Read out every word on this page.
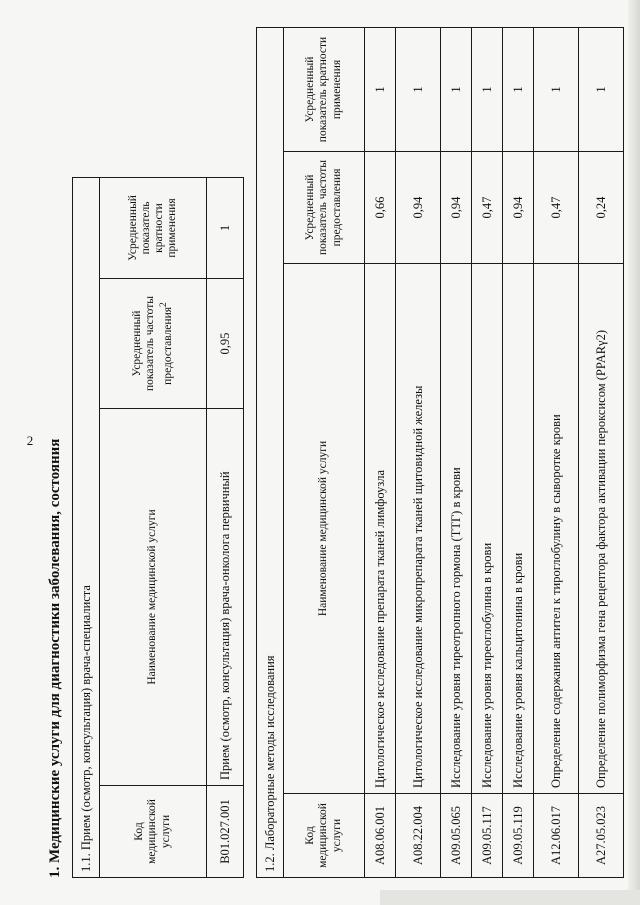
2 1. Медицинские услуги для диагностики заболевания, состояния	1.1. Прием (осмотр, консультация) врача-специалиста			
Код медицинской услуги	Наименование медицинской услуги	Усредненный показатель частоты предоставления$^2$	Усредненный показатель кратности применения
B01.027.001	Прием (осмотр, консультация) врача-онколога первичный	0,95	1
1.2. Лабораторные методы исследования			
Код медицинской услуги	Наименование медицинской услуги	Усредненный показатель частоты предоставления	Усредненный показатель кратности применения
A08.06.001	Цитологическое исследование препарата тканей лимфоузла	0,66	1
A08.22.004	Цитологическое исследование микропрепарата тканей щитовидной железы	0,94	1
A09.05.065	Исследование уровня тиреотропного гормона (ТТГ) в крови	0,94	1
A09.05.117	Исследование уровня тиреоглобулина в крови	0,47	1
A09.05.119	Исследование уровня кальцитонина в крови	0,94	1
A12.06.017	Определение содержания антител к тироглобулину в сыворотке крови	0,47	1
A27.05.023	Определение полиморфизма гена рецептора фактора активации пероксисом (PPARγ2)	0,24	1
